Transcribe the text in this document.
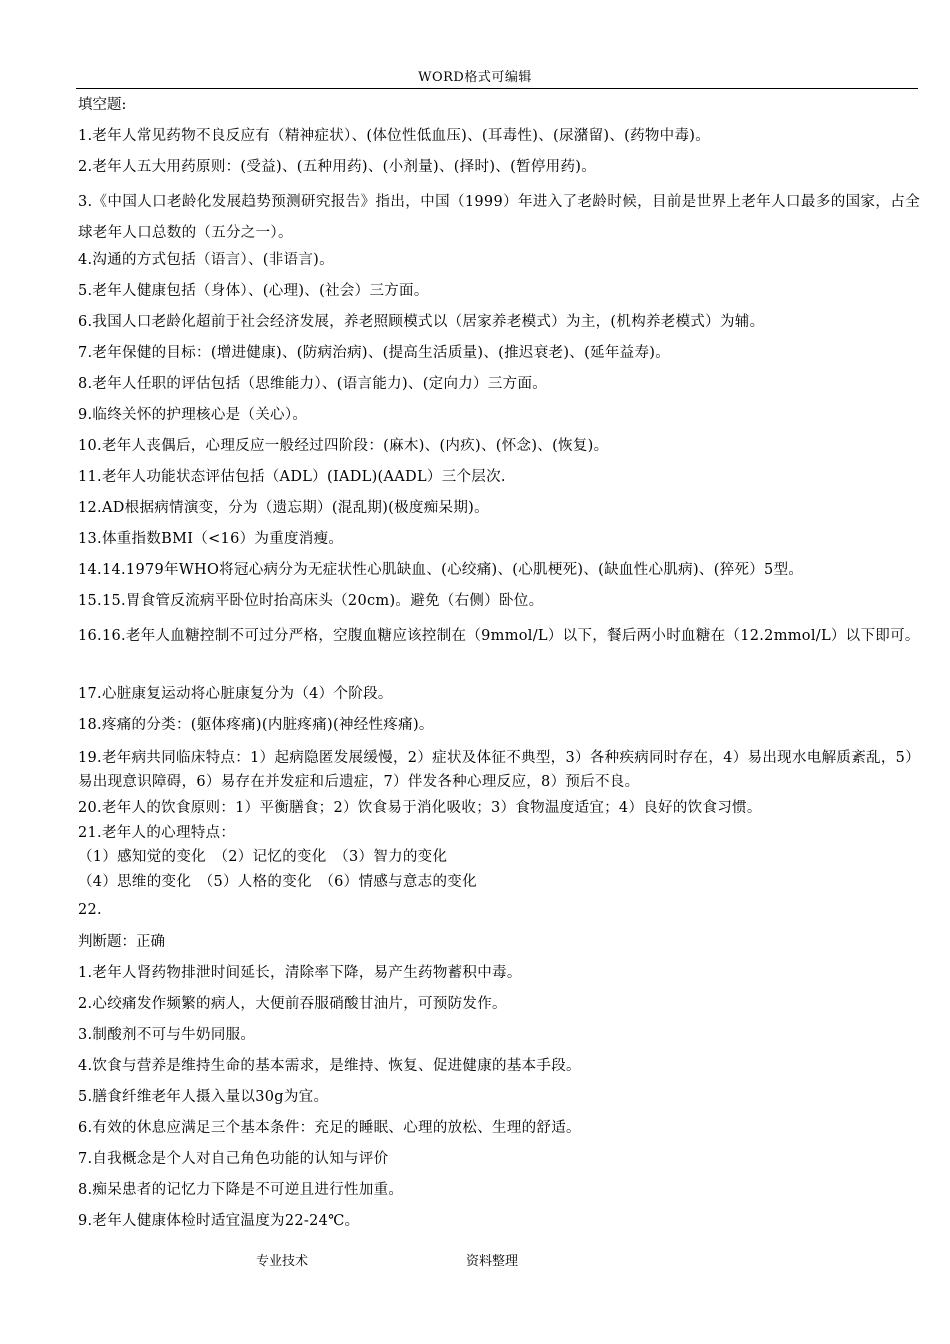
WORD格式可编辑
填空题:
1.老年人常见药物不良反应有（精神症状）、(体位性低血压)、(耳毒性)、(尿潴留)、(药物中毒)。
2.老年人五大用药原则：(受益)、(五种用药)、(小剂量)、(择时)、(暂停用药)。
3.《中国人口老龄化发展趋势预测研究报告》指出，中国（1999）年进入了老龄时候，目前是世界上老年人口最多的国家，占全球老年人口总数的（五分之一）。
4.沟通的方式包括（语言）、(非语言)。
5.老年人健康包括（身体）、(心理)、(社会）三方面。
6.我国人口老龄化超前于社会经济发展，养老照顾模式以（居家养老模式）为主，(机构养老模式）为辅。
7.老年保健的目标：(增进健康)、(防病治病)、(提高生活质量)、(推迟衰老)、(延年益寿)。
8.老年人任职的评估包括（思维能力）、(语言能力)、(定向力）三方面。
9.临终关怀的护理核心是（关心）。
10.老年人丧偶后，心理反应一般经过四阶段：(麻木)、(内疚)、(怀念)、(恢复)。
11.老年人功能状态评估包括（ADL）(IADL)(AADL）三个层次.
12.AD根据病情演变，分为（遗忘期）(混乱期)(极度痴呆期)。
13.体重指数BMI（<16）为重度消瘦。
14.14.1979年WHO将冠心病分为无症状性心肌缺血、(心绞痛)、(心肌梗死)、(缺血性心肌病)、(猝死）5型。
15.15.胃食管反流病平卧位时抬高床头（20cm)。避免（右侧）卧位。
16.16.老年人血糖控制不可过分严格，空腹血糖应该控制在（9mmol/L）以下，餐后两小时血糖在（12.2mmol/L）以下即可。
17.心脏康复运动将心脏康复分为（4）个阶段。
18.疼痛的分类：(躯体疼痛)(内脏疼痛)(神经性疼痛)。
19.老年病共同临床特点：1）起病隐匿发展缓慢，2）症状及体征不典型，3）各种疾病同时存在，4）易出现水电解质紊乱，5）易出现意识障碍，6）易存在并发症和后遗症，7）伴发各种心理反应，8）预后不良。
20.老年人的饮食原则：1）平衡膳食；2）饮食易于消化吸收；3）食物温度适宜；4）良好的饮食习惯。
21.老年人的心理特点：
（1）感知觉的变化　（2）记忆的变化　（3）智力的变化
（4）思维的变化　（5）人格的变化　（6）情感与意志的变化
22.
判断题：正确
1.老年人肾药物排泄时间延长，清除率下降，易产生药物蓄积中毒。
2.心绞痛发作频繁的病人，大便前吞服硝酸甘油片，可预防发作。
3.制酸剂不可与牛奶同服。
4.饮食与营养是维持生命的基本需求，是维持、恢复、促进健康的基本手段。
5.膳食纤维老年人摄入量以30g为宜。
6.有效的休息应满足三个基本条件：充足的睡眠、心理的放松、生理的舒适。
7.自我概念是个人对自己角色功能的认知与评价
8.痴呆患者的记忆力下降是不可逆且进行性加重。
9.老年人健康体检时适宜温度为22-24℃。
专业技术	资料整理
